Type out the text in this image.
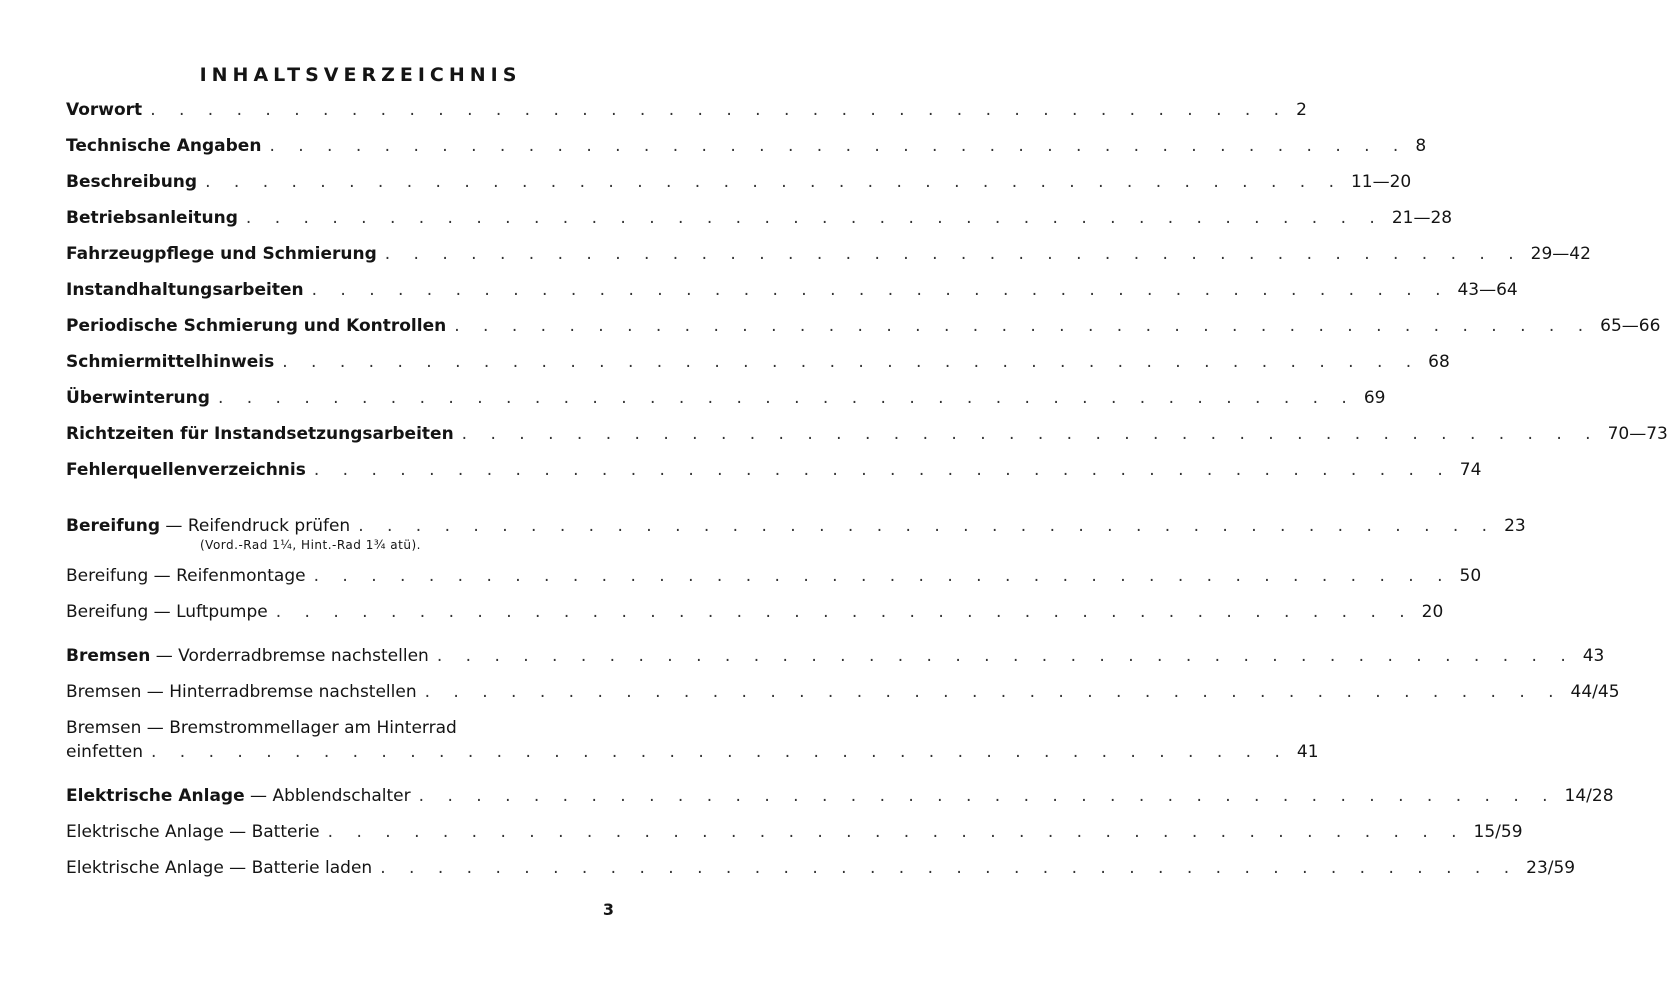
INHALTSVERZEICHNIS
Vorwort . . . . . . . . . . . . . . . . . . . . . . . . . . . . . . . . . . . . . . . . 2
Technische Angaben . . . . . . . . . . . . . . . . . . . . . . . . . . . . . . . . . . . . . . . . 8
Beschreibung . . . . . . . . . . . . . . . . . . . . . . . . . . . . . . . . . . . . . . . . 11—20
Betriebsanleitung . . . . . . . . . . . . . . . . . . . . . . . . . . . . . . . . . . . . . . . . 21—28
Fahrzeugpflege und Schmierung . . . . . . . . . . . . . . . . . . . . . . . . . . . . . . . . . . . . . . . . 29—42
Instandhaltungsarbeiten . . . . . . . . . . . . . . . . . . . . . . . . . . . . . . . . . . . . . . . . 43—64
Periodische Schmierung und Kontrollen . . . . . . . . . . . . . . . . . . . . . . . . . . . . . . . . . . . . . . . . 65—66
Schmiermittelhinweis . . . . . . . . . . . . . . . . . . . . . . . . . . . . . . . . . . . . . . . . 68
Überwinterung . . . . . . . . . . . . . . . . . . . . . . . . . . . . . . . . . . . . . . . . 69
Richtzeiten für Instandsetzungsarbeiten . . . . . . . . . . . . . . . . . . . . . . . . . . . . . . . . . . . . . . . . 70—73
Fehlerquellenverzeichnis . . . . . . . . . . . . . . . . . . . . . . . . . . . . . . . . . . . . . . . . 74
Bereifung — Reifendruck prüfen . . . . . . . . . . . . . . . . . . . . . . . . . . . . . . . . . . . . . . . . 23
(Vord.-Rad 1¼, Hint.-Rad 1¾ atü).
Bereifung — Reifenmontage . . . . . . . . . . . . . . . . . . . . . . . . . . . . . . . . . . . . . . . . 50
Bereifung — Luftpumpe . . . . . . . . . . . . . . . . . . . . . . . . . . . . . . . . . . . . . . . . 20
Bremsen — Vorderradbremse nachstellen . . . . . . . . . . . . . . . . . . . . . . . . . . . . . . . . . . . . . . . . 43
Bremsen — Hinterradbremse nachstellen . . . . . . . . . . . . . . . . . . . . . . . . . . . . . . . . . . . . . . . . 44/45
Bremsen — Bremstrommellager am Hinterrad
einfetten . . . . . . . . . . . . . . . . . . . . . . . . . . . . . . . . . . . . . . . . 41
Elektrische Anlage — Abblendschalter . . . . . . . . . . . . . . . . . . . . . . . . . . . . . . . . . . . . . . . . 14/28
Elektrische Anlage — Batterie . . . . . . . . . . . . . . . . . . . . . . . . . . . . . . . . . . . . . . . . 15/59
Elektrische Anlage — Batterie laden . . . . . . . . . . . . . . . . . . . . . . . . . . . . . . . . . . . . . . . . 23/59
3
